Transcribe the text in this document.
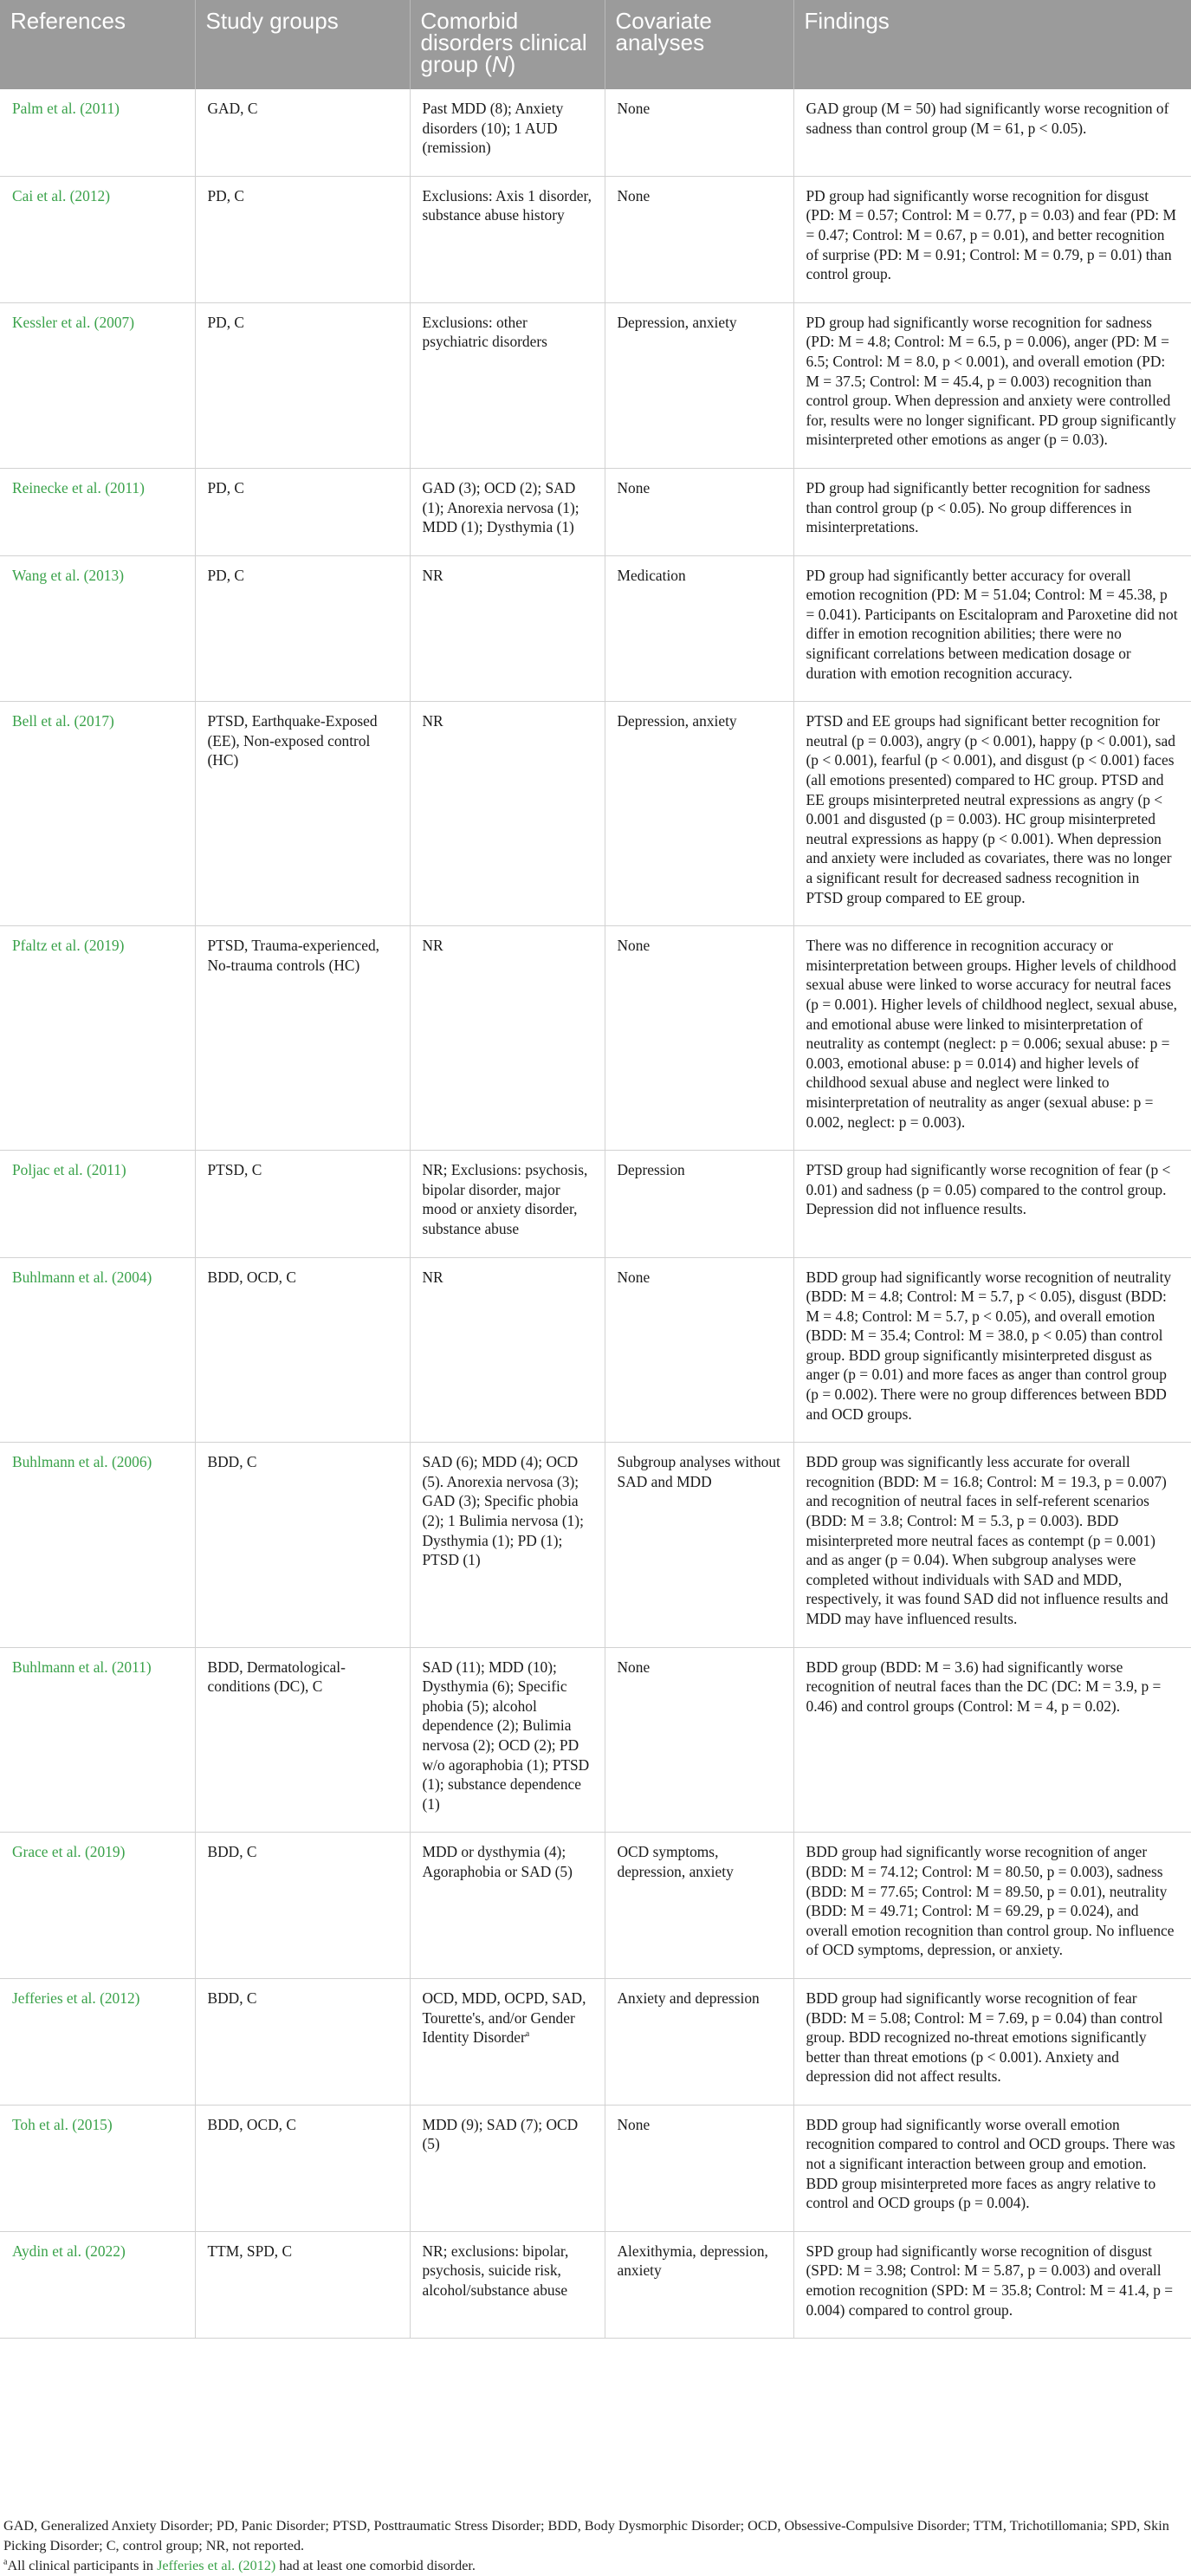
References	Study groups	Comorbid disorders clinical group (N)	Covariate analyses	Findings
Palm et al. (2011)	GAD, C	Past MDD (8); Anxiety disorders (10); 1 AUD (remission)	None	GAD group (M = 50) had significantly worse recognition of sadness than control group (M = 61, p < 0.05).
Cai et al. (2012)	PD, C	Exclusions: Axis 1 disorder, substance abuse history	None	PD group had significantly worse recognition for disgust (PD: M = 0.57; Control: M = 0.77, p = 0.03) and fear (PD: M = 0.47; Control: M = 0.67, p = 0.01), and better recognition of surprise (PD: M = 0.91; Control: M = 0.79, p = 0.01) than control group.
Kessler et al. (2007)	PD, C	Exclusions: other psychiatric disorders	Depression, anxiety	PD group had significantly worse recognition for sadness (PD: M = 4.8; Control: M = 6.5, p = 0.006), anger (PD: M = 6.5; Control: M = 8.0, p < 0.001), and overall emotion (PD: M = 37.5; Control: M = 45.4, p = 0.003) recognition than control group. When depression and anxiety were controlled for, results were no longer significant. PD group significantly misinterpreted other emotions as anger (p = 0.03).
Reinecke et al. (2011)	PD, C	GAD (3); OCD (2); SAD (1); Anorexia nervosa (1); MDD (1); Dysthymia (1)	None	PD group had significantly better recognition for sadness than control group (p < 0.05). No group differences in misinterpretations.
Wang et al. (2013)	PD, C	NR	Medication	PD group had significantly better accuracy for overall emotion recognition (PD: M = 51.04; Control: M = 45.38, p = 0.041). Participants on Escitalopram and Paroxetine did not differ in emotion recognition abilities; there were no significant correlations between medication dosage or duration with emotion recognition accuracy.
Bell et al. (2017)	PTSD, Earthquake-Exposed (EE), Non-exposed control (HC)	NR	Depression, anxiety	PTSD and EE groups had significant better recognition for neutral (p = 0.003), angry (p < 0.001), happy (p < 0.001), sad (p < 0.001), fearful (p < 0.001), and disgust (p < 0.001) faces (all emotions presented) compared to HC group. PTSD and EE groups misinterpreted neutral expressions as angry (p < 0.001 and disgusted (p = 0.003). HC group misinterpreted neutral expressions as happy (p < 0.001). When depression and anxiety were included as covariates, there was no longer a significant result for decreased sadness recognition in PTSD group compared to EE group.
Pfaltz et al. (2019)	PTSD, Trauma-experienced, No-trauma controls (HC)	NR	None	There was no difference in recognition accuracy or misinterpretation between groups. Higher levels of childhood sexual abuse were linked to worse accuracy for neutral faces (p = 0.001). Higher levels of childhood neglect, sexual abuse, and emotional abuse were linked to misinterpretation of neutrality as contempt (neglect: p = 0.006; sexual abuse: p = 0.003, emotional abuse: p = 0.014) and higher levels of childhood sexual abuse and neglect were linked to misinterpretation of neutrality as anger (sexual abuse: p = 0.002, neglect: p = 0.003).
Poljac et al. (2011)	PTSD, C	NR; Exclusions: psychosis, bipolar disorder, major mood or anxiety disorder, substance abuse	Depression	PTSD group had significantly worse recognition of fear (p < 0.01) and sadness (p = 0.05) compared to the control group. Depression did not influence results.
Buhlmann et al. (2004)	BDD, OCD, C	NR	None	BDD group had significantly worse recognition of neutrality (BDD: M = 4.8; Control: M = 5.7, p < 0.05), disgust (BDD: M = 4.8; Control: M = 5.7, p < 0.05), and overall emotion (BDD: M = 35.4; Control: M = 38.0, p < 0.05) than control group. BDD group significantly misinterpreted disgust as anger (p = 0.01) and more faces as anger than control group (p = 0.002). There were no group differences between BDD and OCD groups.
Buhlmann et al. (2006)	BDD, C	SAD (6); MDD (4); OCD (5). Anorexia nervosa (3); GAD (3); Specific phobia (2); 1 Bulimia nervosa (1); Dysthymia (1); PD (1); PTSD (1)	Subgroup analyses without SAD and MDD	BDD group was significantly less accurate for overall recognition (BDD: M = 16.8; Control: M = 19.3, p = 0.007) and recognition of neutral faces in self-referent scenarios (BDD: M = 3.8; Control: M = 5.3, p = 0.003). BDD misinterpreted more neutral faces as contempt (p = 0.001) and as anger (p = 0.04). When subgroup analyses were completed without individuals with SAD and MDD, respectively, it was found SAD did not influence results and MDD may have influenced results.
Buhlmann et al. (2011)	BDD, Dermatological-conditions (DC), C	SAD (11); MDD (10); Dysthymia (6); Specific phobia (5); alcohol dependence (2); Bulimia nervosa (2); OCD (2); PD w/o agoraphobia (1); PTSD (1); substance dependence (1)	None	BDD group (BDD: M = 3.6) had significantly worse recognition of neutral faces than the DC (DC: M = 3.9, p = 0.46) and control groups (Control: M = 4, p = 0.02).
Grace et al. (2019)	BDD, C	MDD or dysthymia (4); Agoraphobia or SAD (5)	OCD symptoms, depression, anxiety	BDD group had significantly worse recognition of anger (BDD: M = 74.12; Control: M = 80.50, p = 0.003), sadness (BDD: M = 77.65; Control: M = 89.50, p = 0.01), neutrality (BDD: M = 49.71; Control: M = 69.29, p = 0.024), and overall emotion recognition than control group. No influence of OCD symptoms, depression, or anxiety.
Jefferies et al. (2012)	BDD, C	OCD, MDD, OCPD, SAD, Tourette's, and/or Gender Identity Disorder$^a$	Anxiety and depression	BDD group had significantly worse recognition of fear (BDD: M = 5.08; Control: M = 7.69, p = 0.04) than control group. BDD recognized no-threat emotions significantly better than threat emotions (p < 0.001). Anxiety and depression did not affect results.
Toh et al. (2015)	BDD, OCD, C	MDD (9); SAD (7); OCD (5)	None	BDD group had significantly worse overall emotion recognition compared to control and OCD groups. There was not a significant interaction between group and emotion. BDD group misinterpreted more faces as angry relative to control and OCD groups (p = 0.004).
Aydin et al. (2022)	TTM, SPD, C	NR; exclusions: bipolar, psychosis, suicide risk, alcohol/substance abuse	Alexithymia, depression, anxiety	SPD group had significantly worse recognition of disgust (SPD: M = 3.98; Control: M = 5.87, p = 0.003) and overall emotion recognition (SPD: M = 35.8; Control: M = 41.4, p = 0.004) compared to control group.
GAD, Generalized Anxiety Disorder; PD, Panic Disorder; PTSD, Posttraumatic Stress Disorder; BDD, Body Dysmorphic Disorder; OCD, Obsessive-Compulsive Disorder; TTM, Trichotillomania; SPD, Skin Picking Disorder; C, control group; NR, not reported.
$^a$All clinical participants in Jefferies et al. (2012) had at least one comorbid disorder.
